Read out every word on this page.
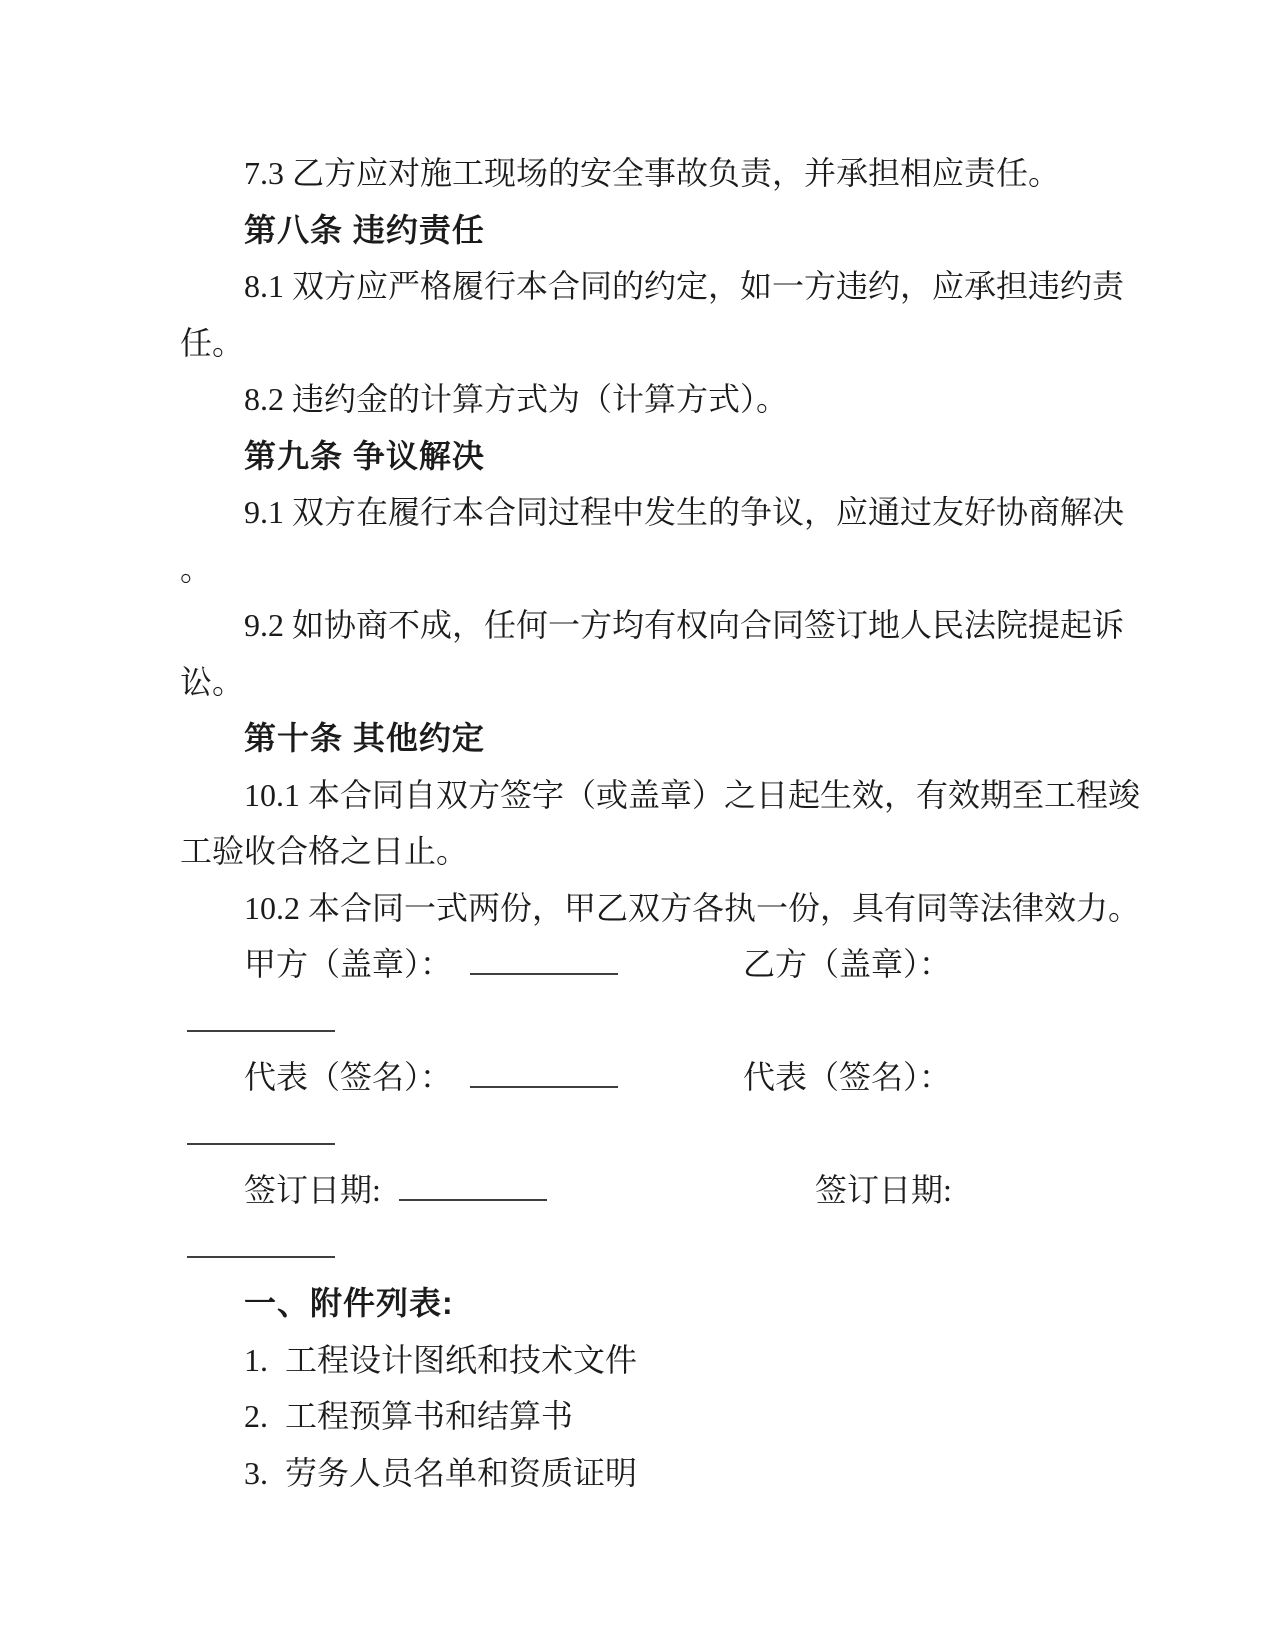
7.3 乙方应对施工现场的安全事故负责，并承担相应责任。
第八条 违约责任
8.1 双方应严格履行本合同的约定，如一方违约，应承担违约责
任。
8.2 违约金的计算方式为（计算方式）。
第九条 争议解决
9.1 双方在履行本合同过程中发生的争议，应通过友好协商解决
。
9.2 如协商不成，任何一方均有权向合同签订地人民法院提起诉
讼。
第十条 其他约定
10.1 本合同自双方签字（或盖章）之日起生效，有效期至工程竣
工验收合格之日止。
10.2 本合同一式两份，甲乙双方各执一份，具有同等法律效力。
甲方（盖章）：	乙方（盖章）：
代表（签名）：	代表（签名）：
签订日期:	签订日期:
一、附件列表:
1. 工程设计图纸和技术文件
2. 工程预算书和结算书
3. 劳务人员名单和资质证明
